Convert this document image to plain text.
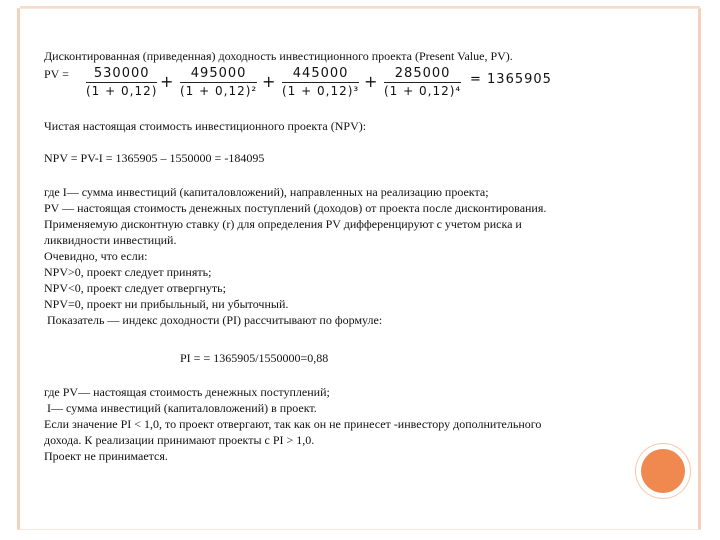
Дисконтированная (приведенная) доходность инвестиционного проекта (Present Value, PV).
PV = $\frac{530000}{(1 + 0,12)} + \frac{495000}{\text{(1 + 0,12)²}} + \frac{445000}{\text{(1 + 0,12)³}} + \frac{285000}{\text{(1 + 0,12)⁴}} = 1365905$
Чистая настоящая стоимость инвестиционного проекта (NPV):
NPV = PV-I = 1365905 – 1550000 = -184095
где I— сумма инвестиций (капиталовложений), направленных на реализацию проекта;
PV — настоящая стоимость денежных поступлений (доходов) от проекта после дисконтирования.
Применяемую дисконтную ставку (r) для определения PV дифференцируют с учетом риска и
ликвидности инвестиций.
Очевидно, что если:
NPV>0, проект следует принять;
NPV<0, проект следует отвергнуть;
NPV=0, проект ни прибыльный, ни убыточный.
Показатель — индекс доходности (PI) рассчитывают по формуле:
PI = = 1365905/1550000=0,88
где PV— настоящая стоимость денежных поступлений;
I— сумма инвестиций (капиталовложений) в проект.
Если значение PI < 1,0, то проект отвергают, так как он не принесет -инвестору дополнительного
дохода. К реализации принимают проекты с PI > 1,0.
Проект не принимается.
